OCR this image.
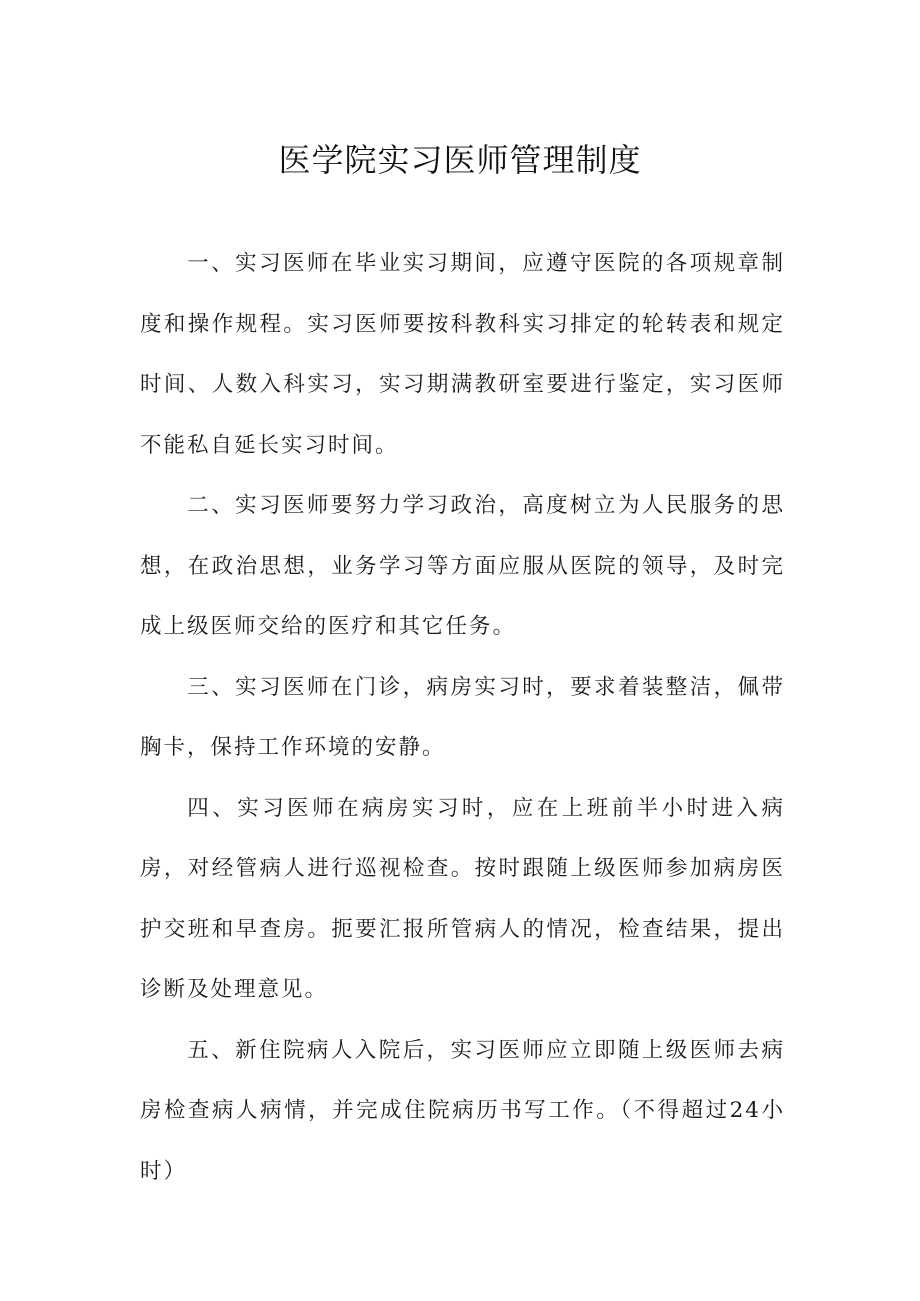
医学院实习医师管理制度

一、实习医师在毕业实习期间，应遵守医院的各项规章制度和操作规程。实习医师要按科教科实习排定的轮转表和规定时间、人数入科实习，实习期满教研室要进行鉴定，实习医师不能私自延长实习时间。

二、实习医师要努力学习政治，高度树立为人民服务的思想，在政治思想，业务学习等方面应服从医院的领导，及时完成上级医师交给的医疗和其它任务。

三、实习医师在门诊，病房实习时，要求着装整洁，佩带胸卡，保持工作环境的安静。

四、实习医师在病房实习时，应在上班前半小时进入病房，对经管病人进行巡视检查。按时跟随上级医师参加病房医护交班和早查房。扼要汇报所管病人的情况，检查结果，提出诊断及处理意见。

五、新住院病人入院后，实习医师应立即随上级医师去病房检查病人病情，并完成住院病历书写工作。（不得超过24小时）
